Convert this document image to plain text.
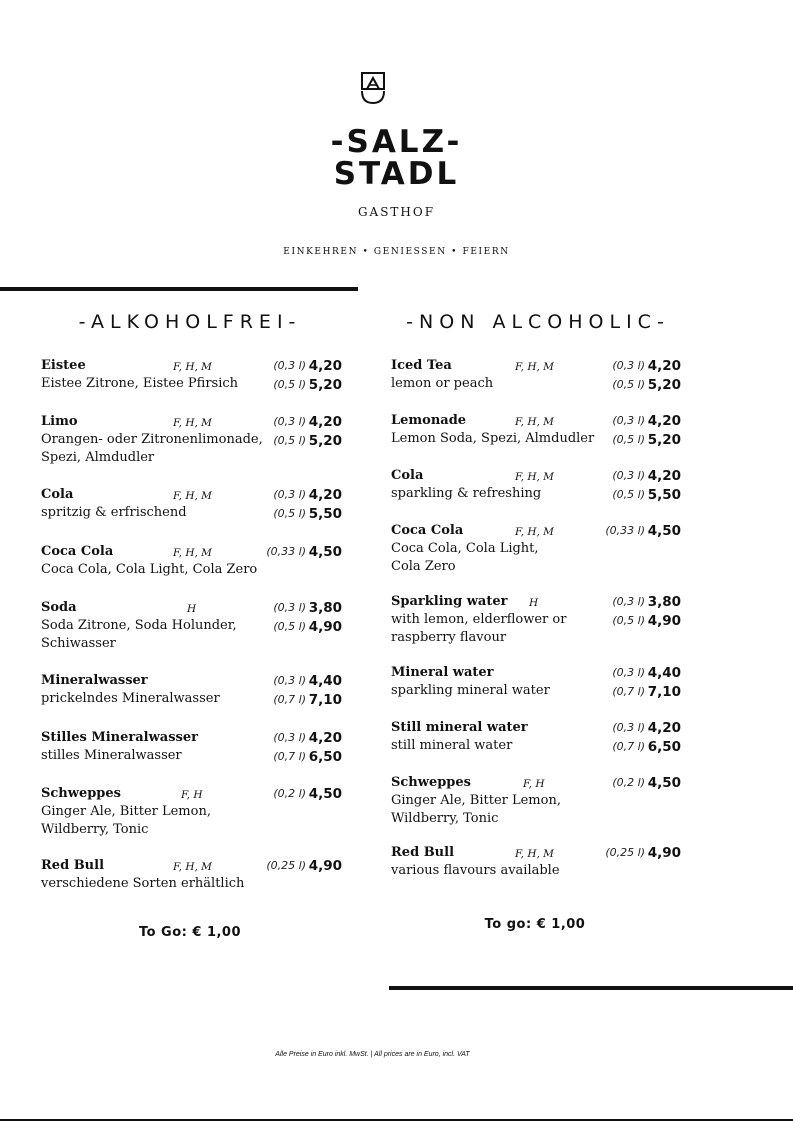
-SALZ-
STADL
GASTHOF
EINKEHREN • GENIESSEN • FEIERN
-ALKOHOLFREI-	-NON ALCOHOLIC-
Eistee	F, H, M
Eistee Zitrone, Eistee Pfirsich
(0,3 l) 4,20
(0,5 l) 5,20
Limo	F, H, M
Orangen- oder Zitronenlimonade, Spezi, Almdudler
(0,3 l) 4,20
(0,5 l) 5,20
Cola	F, H, M
spritzig & erfrischend
(0,3 l) 4,20
(0,5 l) 5,50
Coca Cola	F, H, M
Coca Cola, Cola Light, Cola Zero
(0,33 l) 4,50
Soda	H
Soda Zitrone, Soda Holunder, Schiwasser
(0,3 l) 3,80
(0,5 l) 4,90
Mineralwasser
prickelndes Mineralwasser
(0,3 l) 4,40
(0,7 l) 7,10
Stilles Mineralwasser
stilles Mineralwasser
(0,3 l) 4,20
(0,7 l) 6,50
Schweppes	F, H
Ginger Ale, Bitter Lemon, Wildberry, Tonic
(0,2 l) 4,50
Red Bull	F, H, M
verschiedene Sorten erhältlich
(0,25 l) 4,90
To Go: € 1,00
Iced Tea	F, H, M
lemon or peach
(0,3 l) 4,20
(0,5 l) 5,20
Lemonade	F, H, M
Lemon Soda, Spezi, Almdudler
(0,3 l) 4,20
(0,5 l) 5,20
Cola	F, H, M
sparkling & refreshing
(0,3 l) 4,20
(0,5 l) 5,50
Coca Cola	F, H, M
Coca Cola, Cola Light, Cola Zero
(0,33 l) 4,50
Sparkling water H
with lemon, elderflower or raspberry flavour
(0,3 l) 3,80
(0,5 l) 4,90
Mineral water
sparkling mineral water
(0,3 l) 4,40
(0,7 l) 7,10
Still mineral water
still mineral water
(0,3 l) 4,20
(0,7 l) 6,50
Schweppes	F, H
Ginger Ale, Bitter Lemon, Wildberry, Tonic
(0,2 l) 4,50
Red Bull	F, H, M
various flavours available
(0,25 l) 4,90
To go: € 1,00
Alle Preise in Euro inkl. MwSt. | All prices are in Euro, incl. VAT
